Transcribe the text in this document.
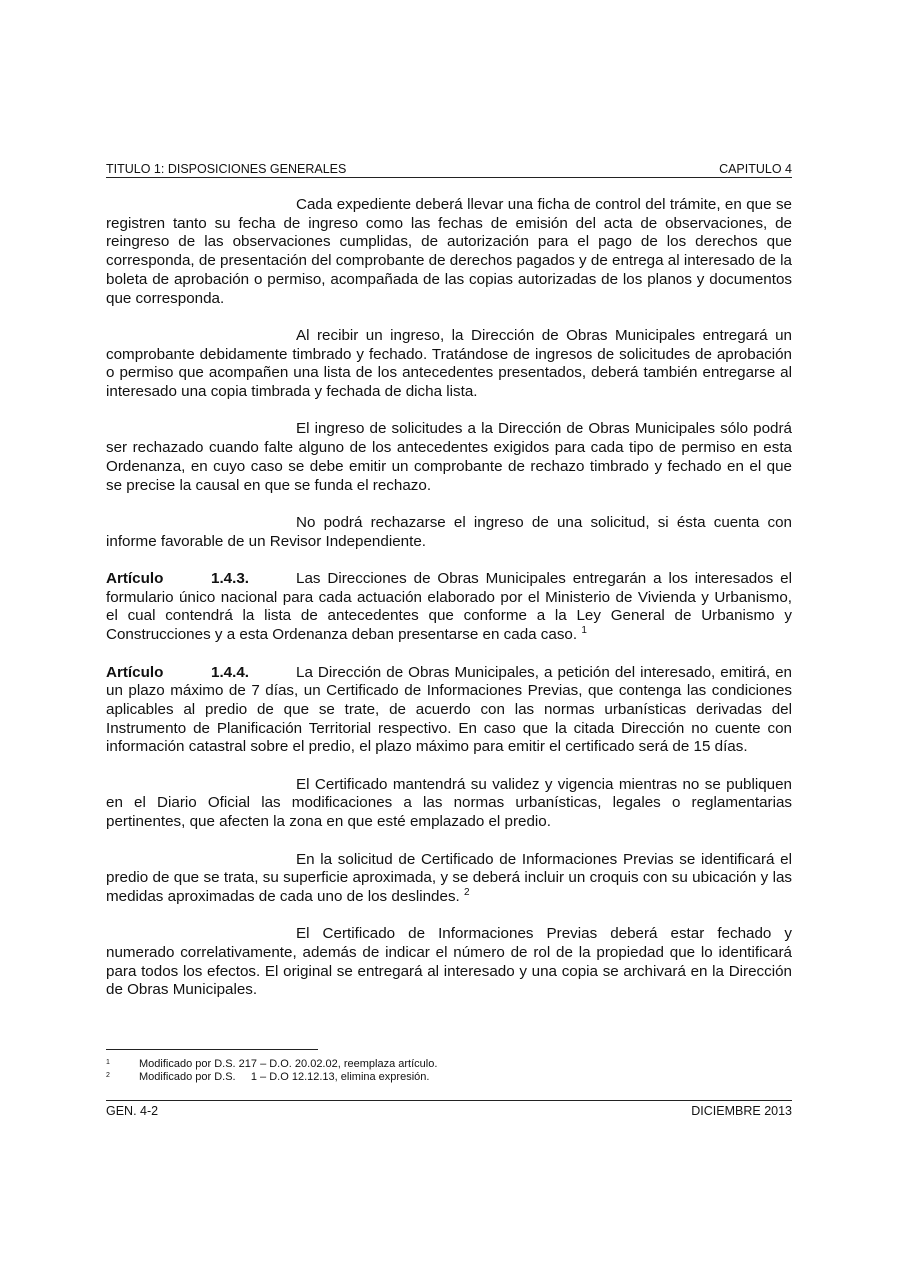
TITULO 1: DISPOSICIONES GENERALES	CAPITULO 4

Cada expediente deberá llevar una ficha de control del trámite, en que se registren tanto su fecha de ingreso como las fechas de emisión del acta de observaciones, de reingreso de las observaciones cumplidas, de autorización para el pago de los derechos que corresponda, de presentación del comprobante de derechos pagados y de entrega al interesado de la boleta de aprobación o permiso, acompañada de las copias autorizadas de los planos y documentos que corresponda.

Al recibir un ingreso, la Dirección de Obras Municipales entregará un comprobante debidamente timbrado y fechado. Tratándose de ingresos de solicitudes de aprobación o permiso que acompañen una lista de los antecedentes presentados, deberá también entregarse al interesado una copia timbrada y fechada de dicha lista.

El ingreso de solicitudes a la Dirección de Obras Municipales sólo podrá ser rechazado cuando falte alguno de los antecedentes exigidos para cada tipo de permiso en esta Ordenanza, en cuyo caso se debe emitir un comprobante de rechazo timbrado y fechado en el que se precise la causal en que se funda el rechazo.

No podrá rechazarse el ingreso de una solicitud, si ésta cuenta con informe favorable de un Revisor Independiente.

Artículo	1.4.3.	Las Direcciones de Obras Municipales entregarán a los interesados el formulario único nacional para cada actuación elaborado por el Ministerio de Vivienda y Urbanismo, el cual contendrá la lista de antecedentes que conforme a la Ley General de Urbanismo y Construcciones y a esta Ordenanza deban presentarse en cada caso. $^1$

Artículo	1.4.4.	La Dirección de Obras Municipales, a petición del interesado, emitirá, en un plazo máximo de 7 días, un Certificado de Informaciones Previas, que contenga las condiciones aplicables al predio de que se trate, de acuerdo con las normas urbanísticas derivadas del Instrumento de Planificación Territorial respectivo. En caso que la citada Dirección no cuente con información catastral sobre el predio, el plazo máximo para emitir el certificado será de 15 días.

El Certificado mantendrá su validez y vigencia mientras no se publiquen en el Diario Oficial las modificaciones a las normas urbanísticas, legales o reglamentarias pertinentes, que afecten la zona en que esté emplazado el predio.

En la solicitud de Certificado de Informaciones Previas se identificará el predio de que se trata, su superficie aproximada, y se deberá incluir un croquis con su ubicación y las medidas aproximadas de cada uno de los deslindes. $^2$

El Certificado de Informaciones Previas deberá estar fechado y numerado correlativamente, además de indicar el número de rol de la propiedad que lo identificará para todos los efectos. El original se entregará al interesado y una copia se archivará en la Dirección de Obras Municipales.

1	Modificado por D.S. 217 – D.O. 20.02.02, reemplaza artículo.
2	Modificado por D.S.     1 – D.O 12.12.13, elimina expresión.
GEN. 4-2	DICIEMBRE 2013
